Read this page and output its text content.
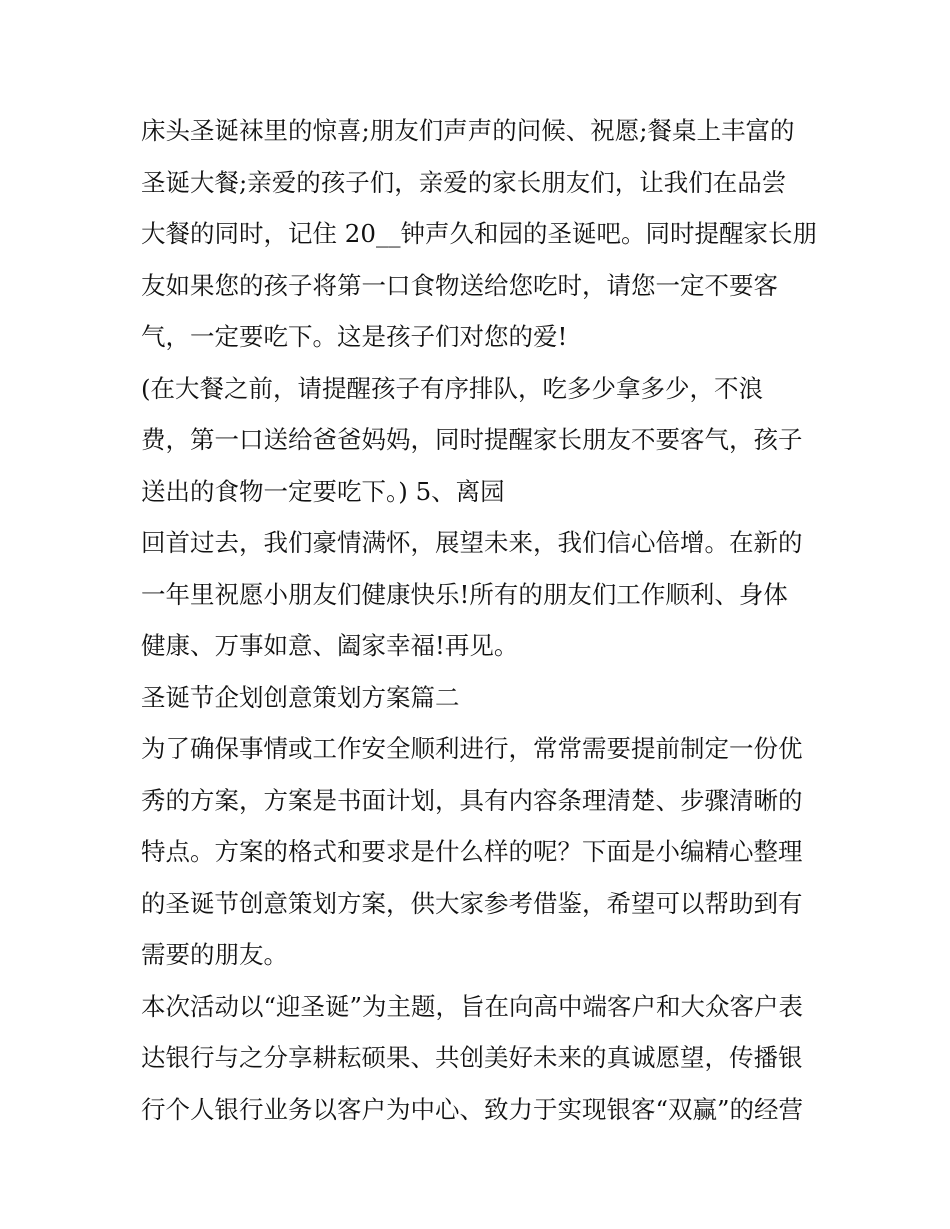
床头圣诞袜里的惊喜;朋友们声声的问候、祝愿;餐桌上丰富的
圣诞大餐;亲爱的孩子们，亲爱的家长朋友们，让我们在品尝
大餐的同时，记住 20__钟声久和园的圣诞吧。同时提醒家长朋
友如果您的孩子将第一口食物送给您吃时，请您一定不要客
气，一定要吃下。这是孩子们对您的爱!
(在大餐之前，请提醒孩子有序排队，吃多少拿多少，不浪
费，第一口送给爸爸妈妈，同时提醒家长朋友不要客气，孩子
送出的食物一定要吃下。) 5、离园
回首过去，我们豪情满怀，展望未来，我们信心倍增。在新的
一年里祝愿小朋友们健康快乐!所有的朋友们工作顺利、身体
健康、万事如意、阖家幸福!再见。
圣诞节企划创意策划方案篇二
为了确保事情或工作安全顺利进行，常常需要提前制定一份优
秀的方案，方案是书面计划，具有内容条理清楚、步骤清晰的
特点。方案的格式和要求是什么样的呢？下面是小编精心整理
的圣诞节创意策划方案，供大家参考借鉴，希望可以帮助到有
需要的朋友。
本次活动以“迎圣诞”为主题，旨在向高中端客户和大众客户表
达银行与之分享耕耘硕果、共创美好未来的真诚愿望，传播银
行个人银行业务以客户为中心、致力于实现银客“双赢”的经营
